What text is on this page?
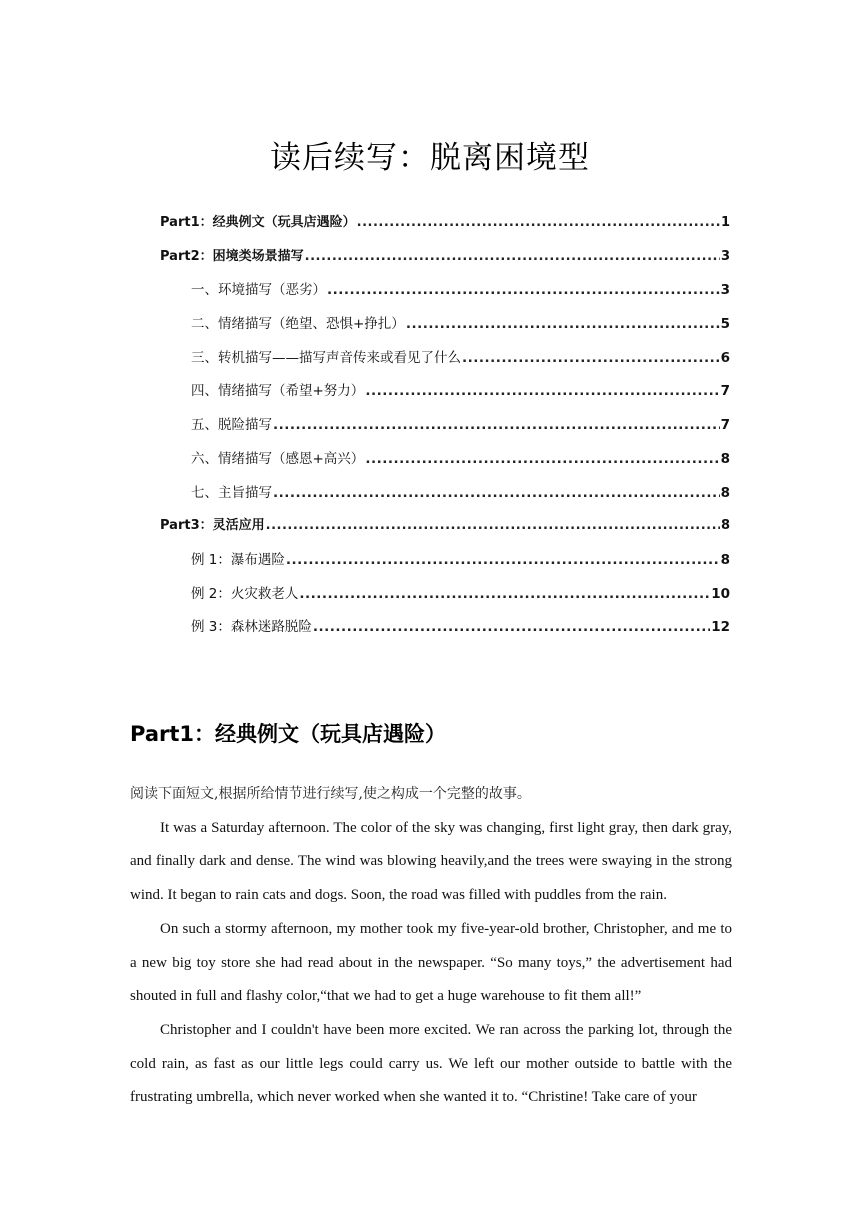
读后续写：脱离困境型
Part1：经典例文（玩具店遇险） .....	1
Part2：困境类场景描写 .....	3
一、环境描写（恶劣） .....	3
二、情绪描写（绝望、恐惧+挣扎） .....	5
三、转机描写——描写声音传来或看见了什么 .....	6
四、情绪描写（希望+努力） .....	7
五、脱险描写 .....	7
六、情绪描写（感恩+高兴） .....	8
七、主旨描写 .....	8
Part3：灵活应用 .....	8
例 1：瀑布遇险 .....	8
例 2：火灾救老人 .....	10
例 3：森林迷路脱险 .....	12
Part1：经典例文（玩具店遇险）

阅读下面短文,根据所给情节进行续写,使之构成一个完整的故事。

It was a Saturday afternoon. The color of the sky was changing, first light gray, then dark gray, and finally dark and dense. The wind was blowing heavily,and the trees were swaying in the strong wind. It began to rain cats and dogs. Soon, the road was filled with puddles from the rain.

On such a stormy afternoon, my mother took my five-year-old brother, Christopher, and me to a new big toy store she had read about in the newspaper. “So many toys,” the advertisement had shouted in full and flashy color,“that we had to get a huge warehouse to fit them all!”

Christopher and I couldn't have been more excited. We ran across the parking lot, through the cold rain, as fast as our little legs could carry us. We left our mother outside to battle with the frustrating umbrella, which never worked when she wanted it to. “Christine! Take care of your
